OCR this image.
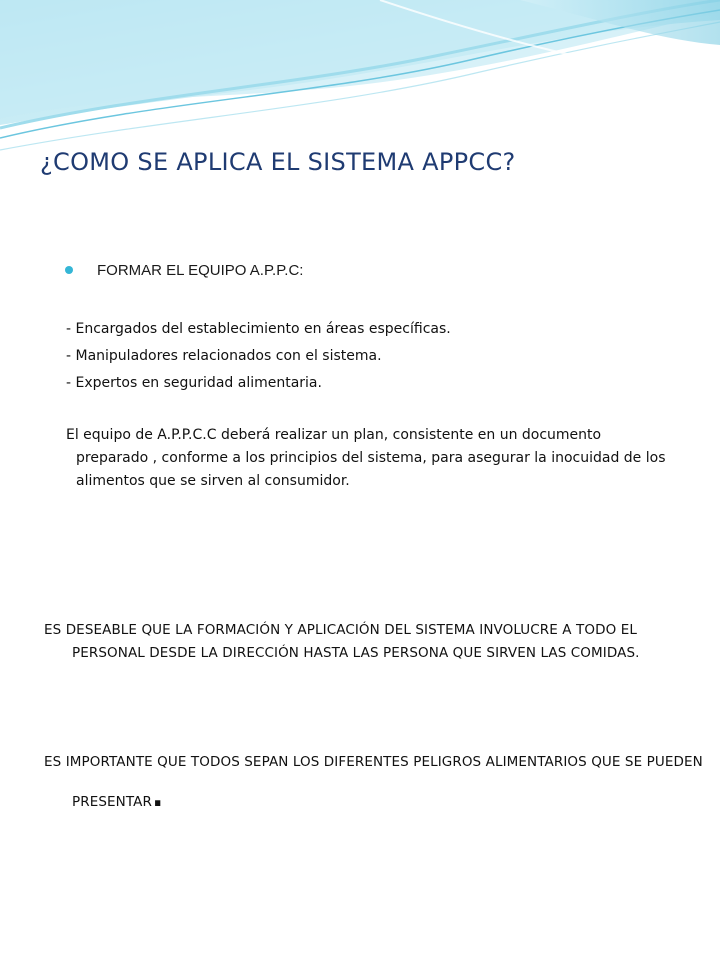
¿COMO SE APLICA EL SISTEMA APPCC?
FORMAR EL EQUIPO A.P.P.C:
- Encargados del establecimiento en áreas específicas.
- Manipuladores relacionados con el sistema.
- Expertos en seguridad alimentaria.

El equipo de A.P.P.C.C deberá realizar un plan, consistente en un documento preparado , conforme a los principios del sistema, para asegurar la inocuidad de los alimentos que se sirven al consumidor.

ES DESEABLE QUE LA FORMACIÓN Y APLICACIÓN DEL SISTEMA INVOLUCRE A TODO EL PERSONAL DESDE LA DIRECCIÓN HASTA LAS PERSONA QUE SIRVEN LAS COMIDAS.

ES IMPORTANTE QUE TODOS SEPAN LOS DIFERENTES PELIGROS ALIMENTARIOS QUE SE PUEDEN PRESENTAR.
